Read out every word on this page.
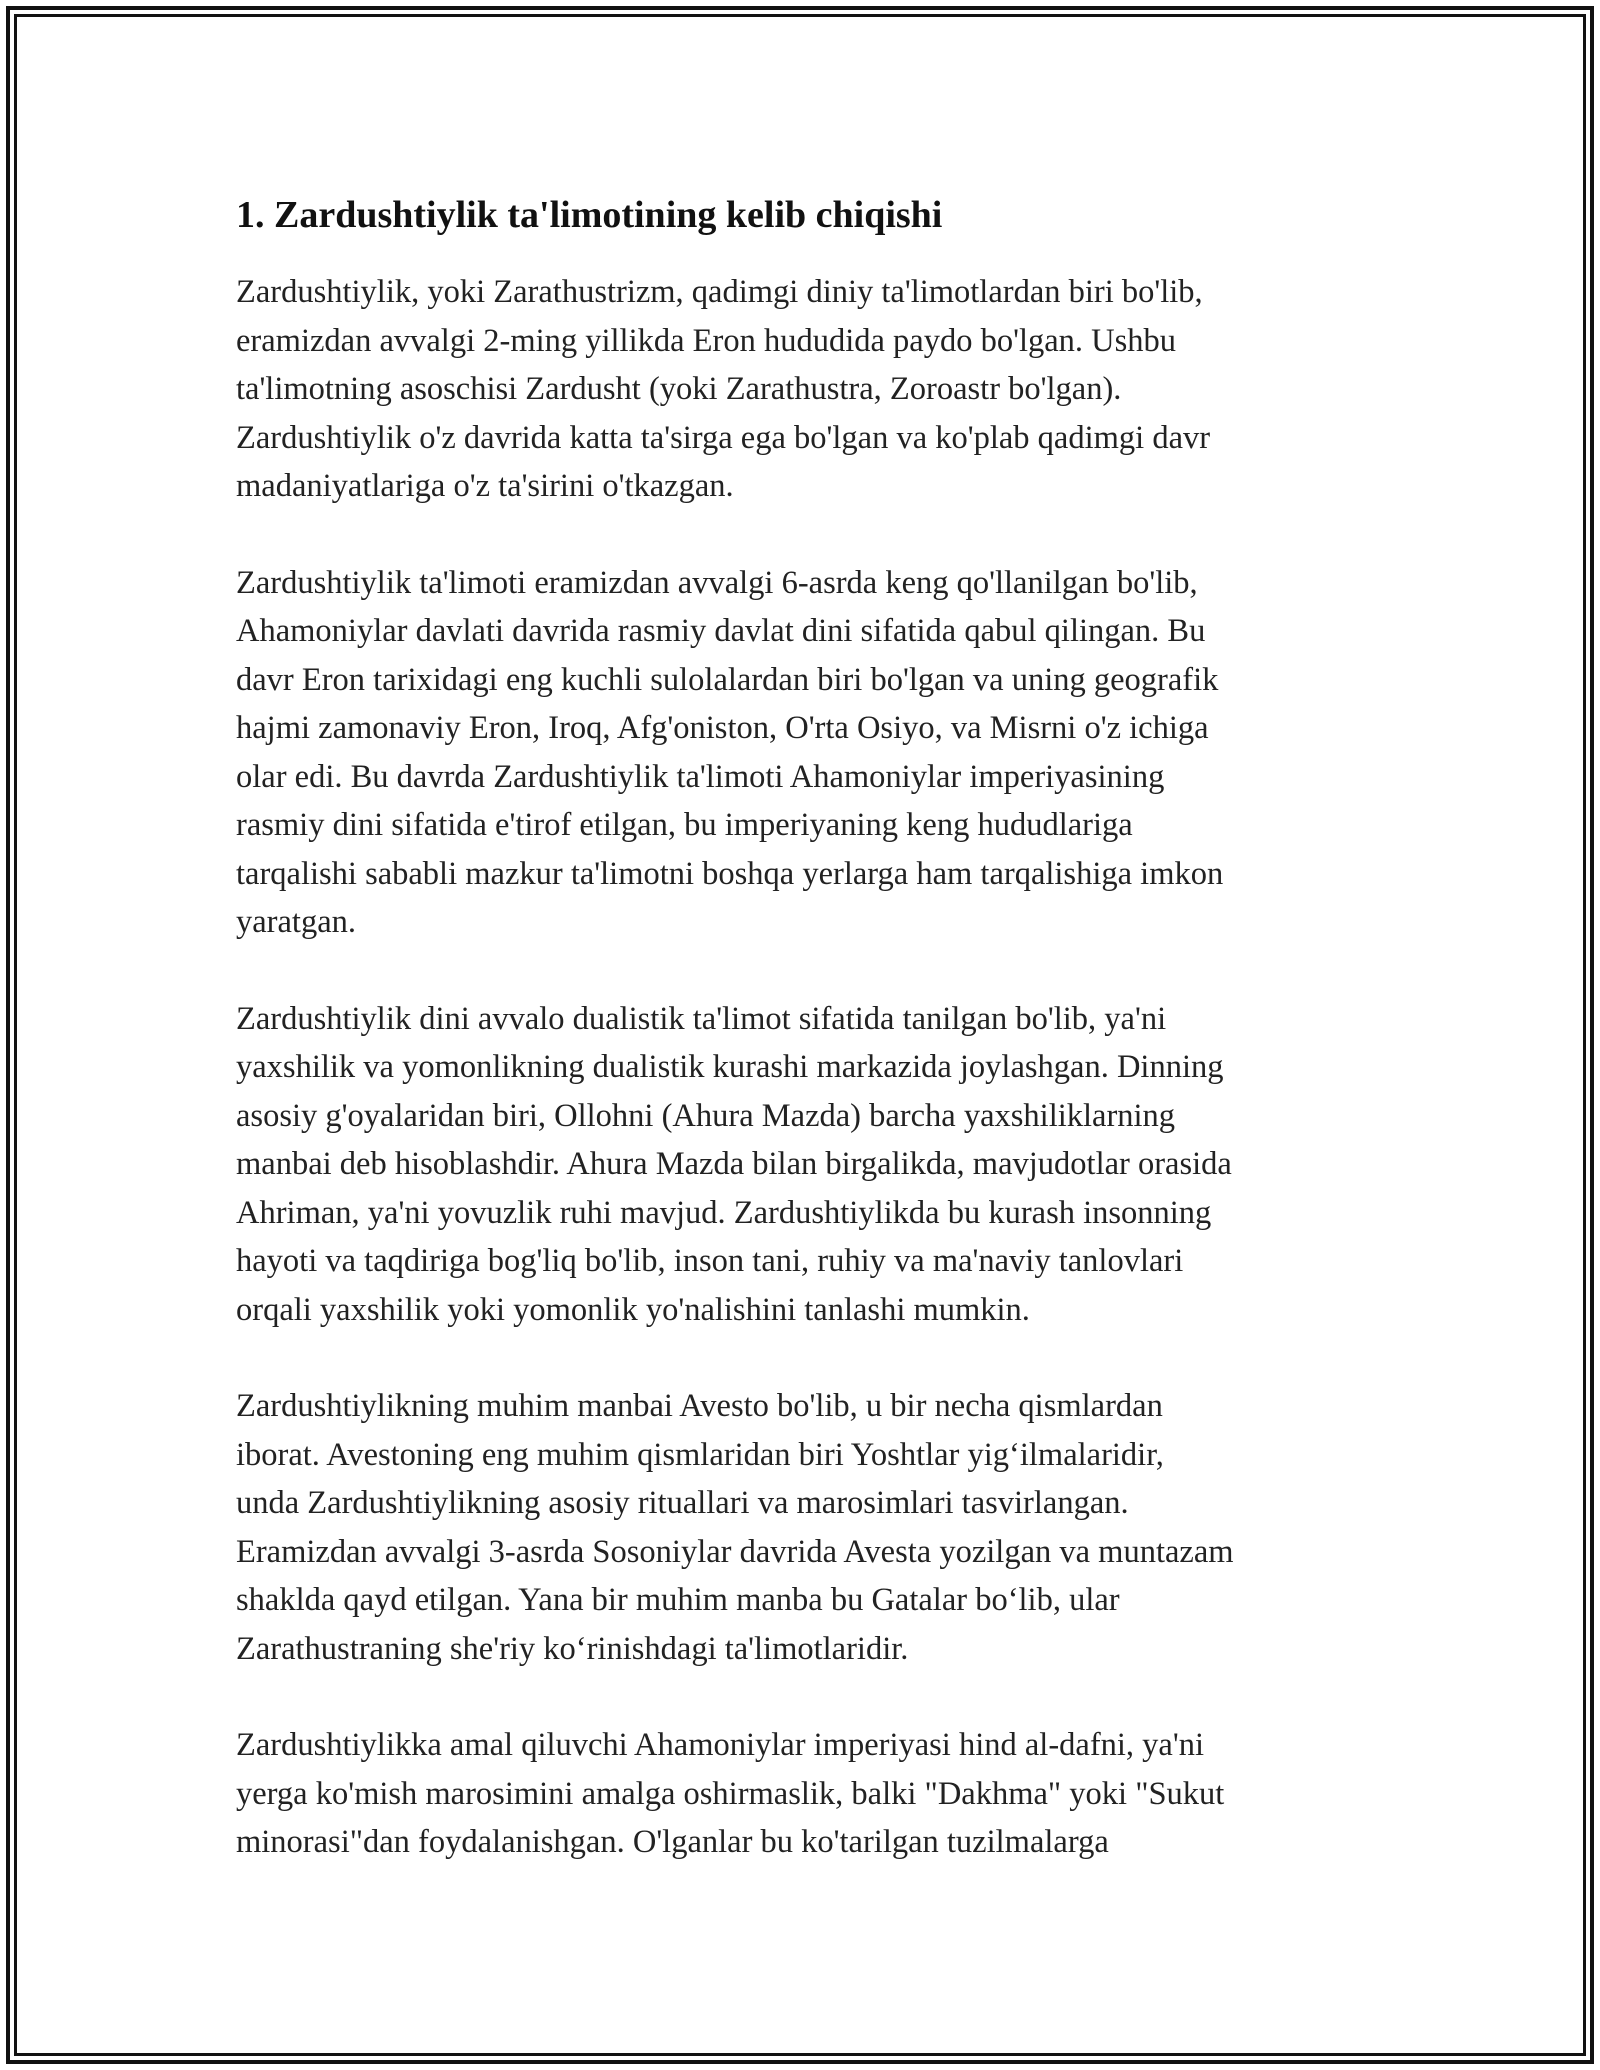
1. Zardushtiylik ta'limotining kelib chiqishi
Zardushtiylik, yoki Zarathustrizm, qadimgi diniy ta'limotlardan biri bo'lib,
eramizdan avvalgi 2-ming yillikda Eron hududida paydo bo'lgan. Ushbu
ta'limotning asoschisi Zardusht (yoki Zarathustra, Zoroastr bo'lgan).
Zardushtiylik o'z davrida katta ta'sirga ega bo'lgan va ko'plab qadimgi davr
madaniyatlariga o'z ta'sirini o'tkazgan.
Zardushtiylik ta'limoti eramizdan avvalgi 6-asrda keng qo'llanilgan bo'lib,
Ahamoniylar davlati davrida rasmiy davlat dini sifatida qabul qilingan. Bu
davr Eron tarixidagi eng kuchli sulolalardan biri bo'lgan va uning geografik
hajmi zamonaviy Eron, Iroq, Afg'oniston, O'rta Osiyo, va Misrni o'z ichiga
olar edi. Bu davrda Zardushtiylik ta'limoti Ahamoniylar imperiyasining
rasmiy dini sifatida e'tirof etilgan, bu imperiyaning keng hududlariga
tarqalishi sababli mazkur ta'limotni boshqa yerlarga ham tarqalishiga imkon
yaratgan.
Zardushtiylik dini avvalo dualistik ta'limot sifatida tanilgan bo'lib, ya'ni
yaxshilik va yomonlikning dualistik kurashi markazida joylashgan. Dinning
asosiy g'oyalaridan biri, Ollohni (Ahura Mazda) barcha yaxshiliklarning
manbai deb hisoblashdir. Ahura Mazda bilan birgalikda, mavjudotlar orasida
Ahriman, ya'ni yovuzlik ruhi mavjud. Zardushtiylikda bu kurash insonning
hayoti va taqdiriga bog'liq bo'lib, inson tani, ruhiy va ma'naviy tanlovlari
orqali yaxshilik yoki yomonlik yo'nalishini tanlashi mumkin.
Zardushtiylikning muhim manbai Avesto bo'lib, u bir necha qismlardan
iborat. Avestoning eng muhim qismlaridan biri Yoshtlar yig‘ilmalaridir,
unda Zardushtiylikning asosiy rituallari va marosimlari tasvirlangan.
Eramizdan avvalgi 3-asrda Sosoniylar davrida Avesta yozilgan va muntazam
shaklda qayd etilgan. Yana bir muhim manba bu Gatalar bo‘lib, ular
Zarathustraning she'riy ko‘rinishdagi ta'limotlaridir.
Zardushtiylikka amal qiluvchi Ahamoniylar imperiyasi hind al-dafni, ya'ni
yerga ko'mish marosimini amalga oshirmaslik, balki "Dakhma" yoki "Sukut
minorasi"dan foydalanishgan. O'lganlar bu ko'tarilgan tuzilmalarga
